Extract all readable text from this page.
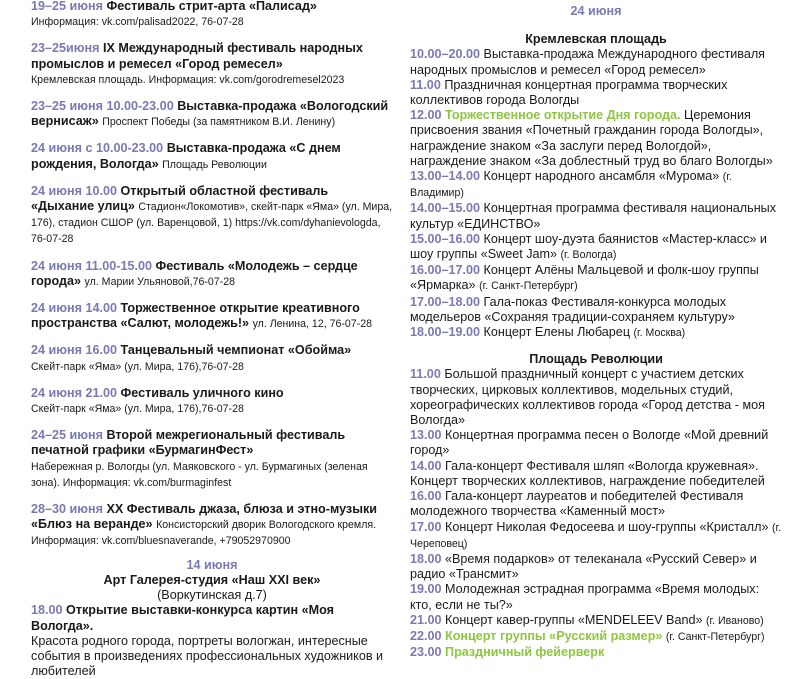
19–25 июня Фестиваль стрит-арта «Палисад»
Информация: vk.com/palisad2022, 76-07-28

23–25июня IX Международный фестиваль народных промыслов и ремесел «Город ремесел»
Кремлевская площадь. Информация: vk.com/gorodremesel2023

23–25 июня 10.00-23.00 Выставка-продажа «Вологодский вернисаж» Проспект Победы (за памятником В.И. Ленину)

24 июня с 10.00-23.00 Выставка-продажа «С днем рождения, Вологда» Площадь Революции

24 июня 10.00 Открытый областной фестиваль «Дыхание улиц» Стадион«Локомотив», скейт-парк «Яма» (ул. Мира, 176), стадион СШОР (ул. Варенцовой, 1) https://vk.com/dyhanievologda, 76-07-28

24 июня 11.00-15.00 Фестиваль «Молодежь – сердце города» ул. Марии Ульяновой,76-07-28

24 июня 14.00 Торжественное открытие креативного пространства «Салют, молодежь!» ул. Ленина, 12, 76-07-28

24 июня 16.00 Танцевальный чемпионат «Обойма»
Скейт-парк «Яма» (ул. Мира, 176),76-07-28

24 июня 21.00 Фестиваль уличного кино
Скейт-парк «Яма» (ул. Мира, 176),76-07-28

24–25 июня Второй межрегиональный фестиваль печатной графики «БурмагинФест»
Набережная р. Вологды (ул. Маяковского - ул. Бурмагиных (зеленая зона). Информация: vk.com/burmaginfest

28–30 июня XX Фестиваль джаза, блюза и этно-музыки «Блюз на веранде» Консисторский дворик Вологодского кремля. Информация: vk.com/bluesnaverande, +79052970900

14 июня
Арт Галерея-студия «Наш XXI век»
(Воркутинская д.7)

18.00 Открытие выставки-конкурса картин «Моя Вологда».
Красота родного города, портреты вологжан, интересные события в произведениях профессиональных художников и любителей

24 июня
Кремлевская площадь

10.00–20.00 Выставка-продажа Международного фестиваля народных промыслов и ремесел «Город ремесел»

11.00 Праздничная концертная программа творческих коллективов города Вологды

12.00 Торжественное открытие Дня города. Церемония присвоения звания «Почетный гражданин города Вологды», награждение знаком «За заслуги перед Вологдой», награждение знаком «За доблестный труд во благо Вологды»

13.00–14.00 Концерт народного ансамбля «Мурома» (г. Владимир)

14.00–15.00 Концертная программа фестиваля национальных культур «ЕДИНСТВО»

15.00–16.00 Концерт шоу-дуэта баянистов «Мастер-класс» и шоу группы «Sweet Jam» (г. Вологда)

16.00–17.00 Концерт Алёны Мальцевой и фолк-шоу группы «Ярмарка» (г. Санкт-Петербург)

17.00–18.00 Гала-показ Фестиваля-конкурса молодых модельеров «Сохраняя традиции-сохраняем культуру»

18.00–19.00 Концерт Елены Любарец (г. Москва)

Площадь Революции

11.00 Большой праздничный концерт с участием детских творческих, цирковых коллективов, модельных студий, хореографических коллективов города «Город детства - моя Вологда»

13.00 Концертная программа песен о Вологде «Мой древний город»

14.00 Гала-концерт Фестиваля шляп «Вологда кружевная». Концерт творческих коллективов, награждение победителей

16.00 Гала-концерт лауреатов и победителей Фестиваля молодежного творчества «Каменный мост»

17.00 Концерт Николая Федосеева и шоу-группы «Кристалл» (г. Череповец)

18.00 «Время подарков» от телеканала «Русский Север» и радио «Трансмит»

19.00 Молодежная эстрадная программа «Время молодых: кто, если не ты?»

21.00 Концерт кавер-группы «MENDELEEV Band» (г. Иваново)

22.00 Концерт группы «Русский размер» (г. Санкт-Петербург)

23.00 Праздничный фейерверк
